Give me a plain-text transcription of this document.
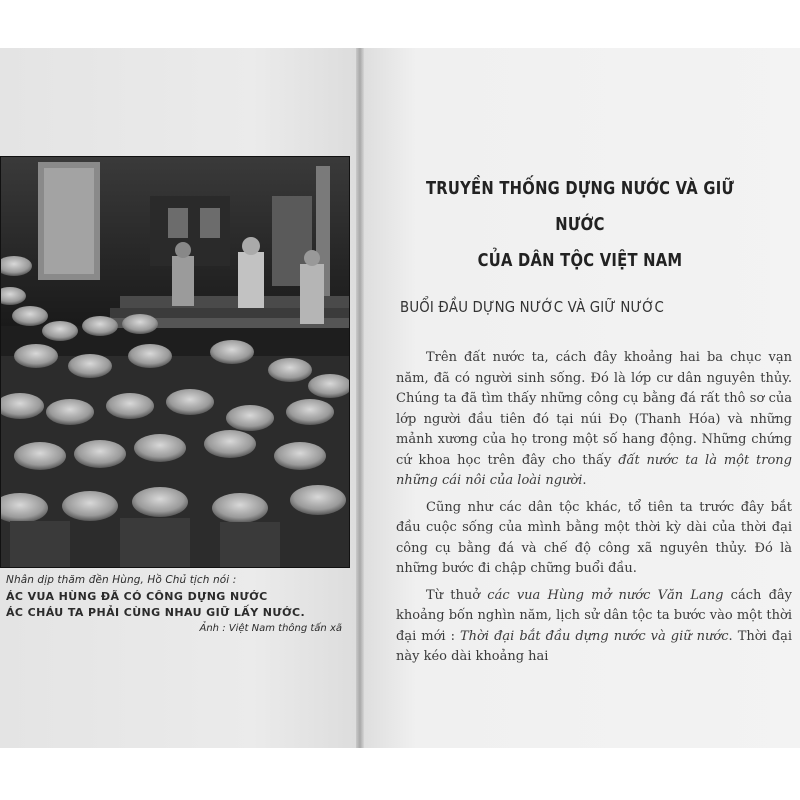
Nhân dịp thăm đền Hùng, Hồ Chủ tịch nói :

ÁC VUA HÙNG ĐÃ CÓ CÔNG DỰNG NƯỚC

ÁC CHÁU TA PHẢI CÙNG NHAU GIỮ LẤY NƯỚC.

Ảnh : Việt Nam thông tấn xã

TRUYỀN THỐNG DỰNG NƯỚC VÀ GIỮ NƯỚC
CỦA DÂN TỘC VIỆT NAM
BUỔI ĐẦU DỰNG NƯỚC VÀ GIỮ NƯỚC

Trên đất nước ta, cách đây khoảng hai ba chục vạn năm, đã có người sinh sống. Đó là lớp cư dân nguyên thủy. Chúng ta đã tìm thấy những công cụ bằng đá rất thô sơ của lớp người đầu tiên đó tại núi Đọ (Thanh Hóa) và những mảnh xương của họ trong một số hang động. Những chứng cứ khoa học trên đây cho thấy đất nước ta là một trong những cái nôi của loài người.

Cũng như các dân tộc khác, tổ tiên ta trước đây bắt đầu cuộc sống của mình bằng một thời kỳ dài của thời đại công cụ bằng đá và chế độ công xã nguyên thủy. Đó là những bước đi chập chững buổi đầu.

Từ thuở các vua Hùng mở nước Văn Lang cách đây khoảng bốn nghìn năm, lịch sử dân tộc ta bước vào một thời đại mới : Thời đại bắt đầu dựng nước và giữ nước. Thời đại này kéo dài khoảng hai
